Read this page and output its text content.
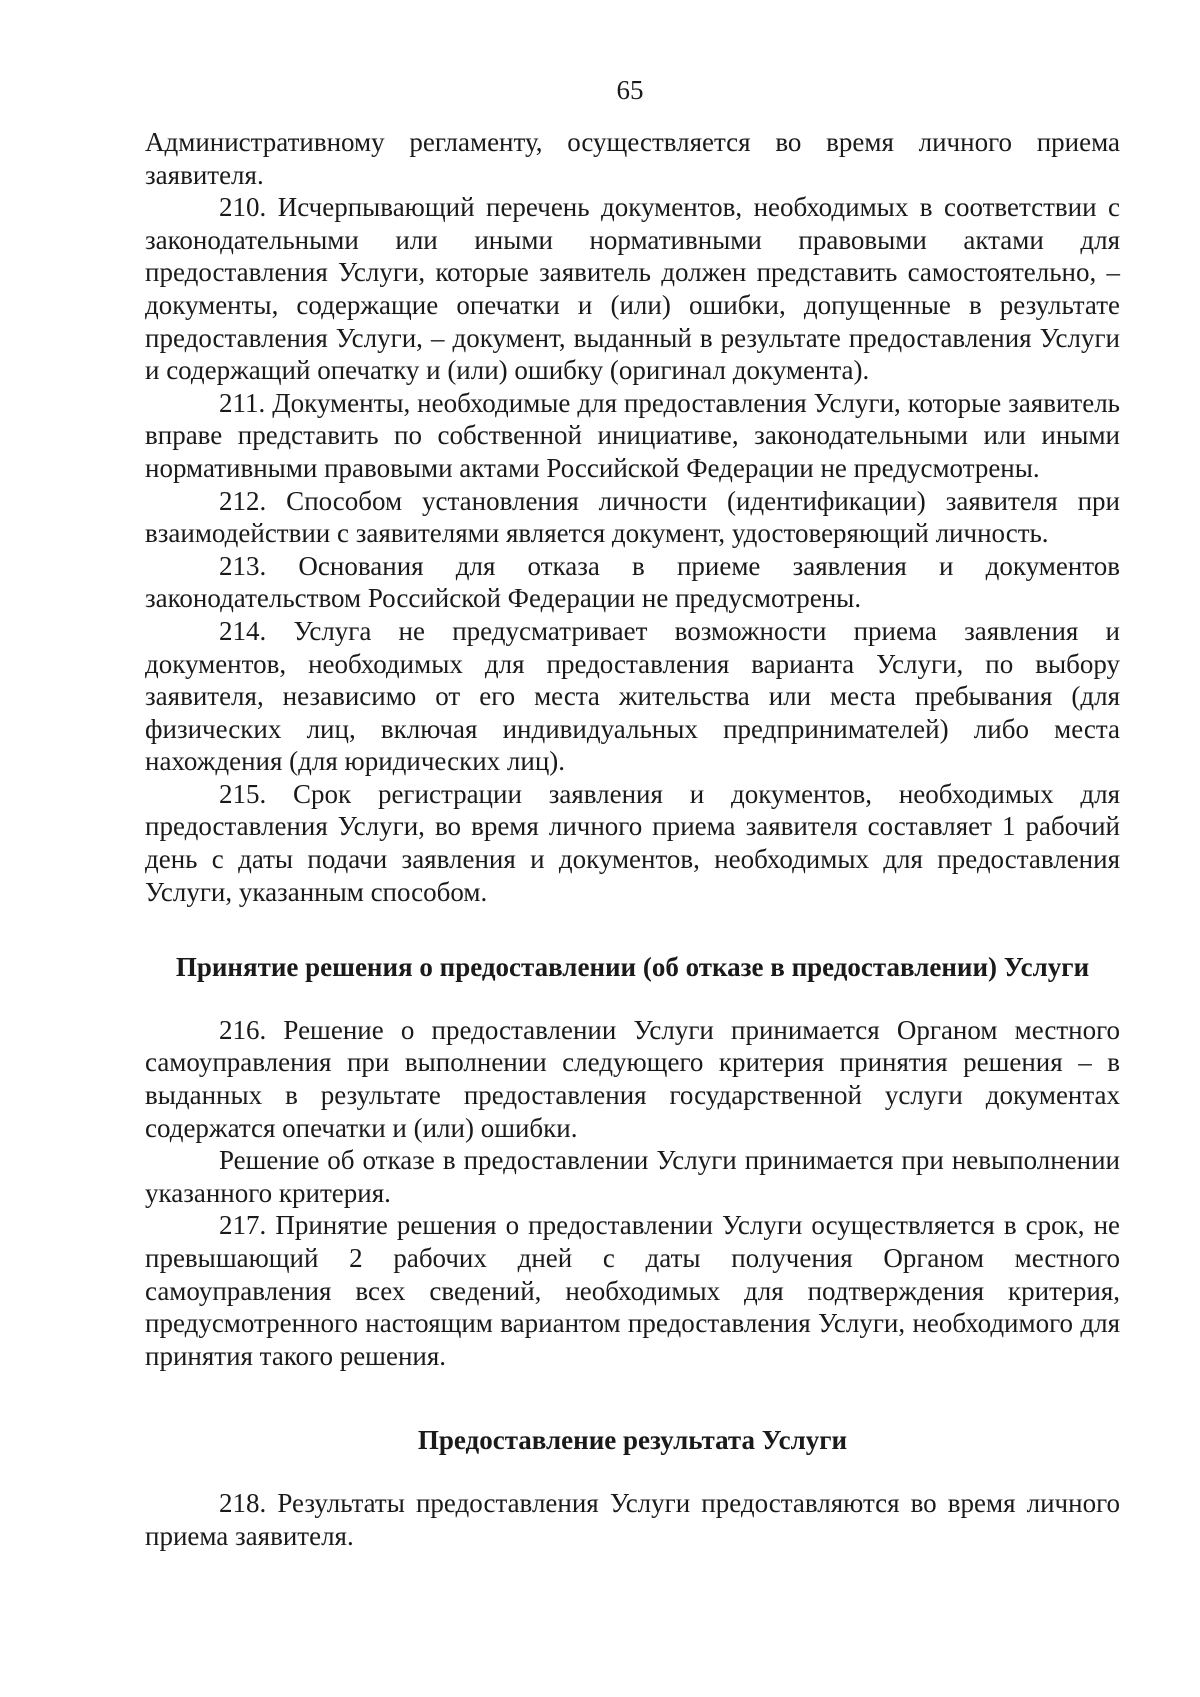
65

Административному регламенту, осуществляется во время личного приема заявителя.

210. Исчерпывающий перечень документов, необходимых в соответствии с законодательными или иными нормативными правовыми актами для предоставления Услуги, которые заявитель должен представить самостоятельно, – документы, содержащие опечатки и (или) ошибки, допущенные в результате предоставления Услуги, – документ, выданный в результате предоставления Услуги и содержащий опечатку и (или) ошибку (оригинал документа).

211. Документы, необходимые для предоставления Услуги, которые заявитель вправе представить по собственной инициативе, законодательными или иными нормативными правовыми актами Российской Федерации не предусмотрены.

212. Способом установления личности (идентификации) заявителя при взаимодействии с заявителями является документ, удостоверяющий личность.

213. Основания для отказа в приеме заявления и документов законодательством Российской Федерации не предусмотрены.

214. Услуга не предусматривает возможности приема заявления и документов, необходимых для предоставления варианта Услуги, по выбору заявителя, независимо от его места жительства или места пребывания (для физических лиц, включая индивидуальных предпринимателей) либо места нахождения (для юридических лиц).

215. Срок регистрации заявления и документов, необходимых для предоставления Услуги, во время личного приема заявителя составляет 1 рабочий день с даты подачи заявления и документов, необходимых для предоставления Услуги, указанным способом.

Принятие решения о предоставлении (об отказе в предоставлении) Услуги

216. Решение о предоставлении Услуги принимается Органом местного самоуправления при выполнении следующего критерия принятия решения – в выданных в результате предоставления государственной услуги документах содержатся опечатки и (или) ошибки.

Решение об отказе в предоставлении Услуги принимается при невыполнении указанного критерия.

217. Принятие решения о предоставлении Услуги осуществляется в срок, не превышающий 2 рабочих дней с даты получения Органом местного самоуправления всех сведений, необходимых для подтверждения критерия, предусмотренного настоящим вариантом предоставления Услуги, необходимого для принятия такого решения.

Предоставление результата Услуги

218. Результаты предоставления Услуги предоставляются во время личного приема заявителя.
